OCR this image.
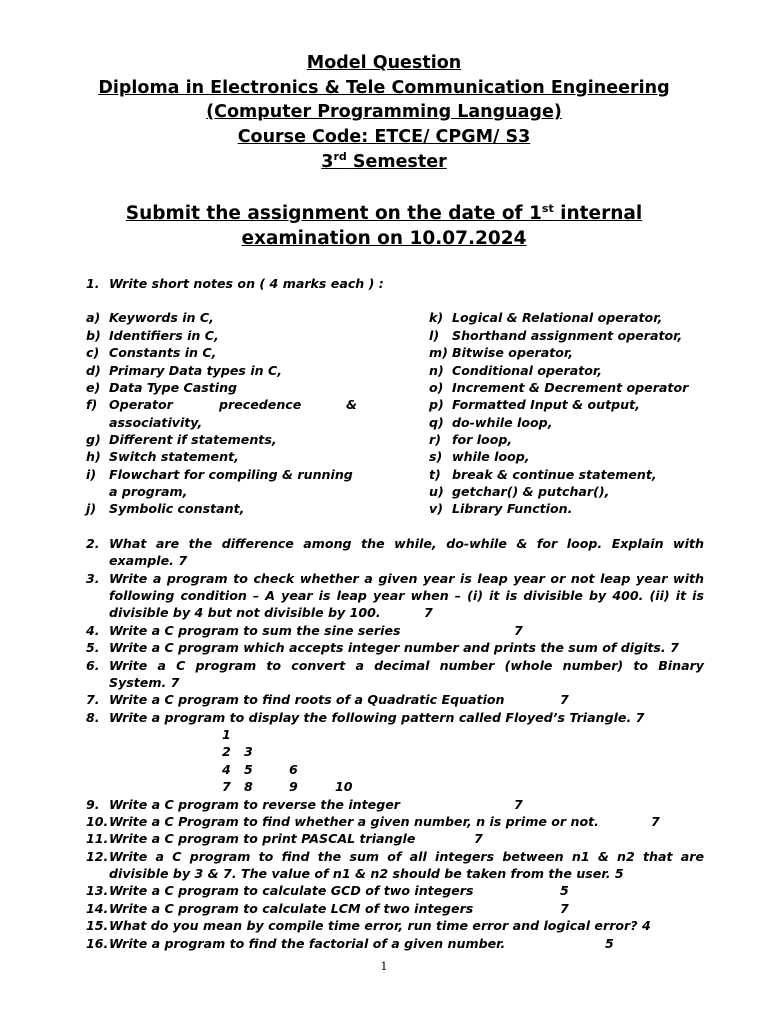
Model Question
Diploma in Electronics & Tele Communication Engineering
(Computer Programming Language)
Course Code: ETCE/ CPGM/ S3
3rd Semester
Submit the assignment on the date of 1st internal
examination on 10.07.2024
1. Write short notes on ( 4 marks each ) :
a) Keywords in C,
b) Identifiers in C,
c) Constants in C,
d) Primary Data types in C,
e) Data Type Casting
f) Operator	precedence	&
associativity,
g) Different if statements,
h) Switch statement,
i) Flowchart for compiling & running
a program,
j) Symbolic constant,
k) Logical & Relational operator,
l) Shorthand assignment operator,
m) Bitwise operator,
n) Conditional operator,
o) Increment & Decrement operator
p) Formatted Input & output,
q) do-while loop,
r) for loop,
s) while loop,
t) break & continue statement,
u) getchar() & putchar(),
v) Library Function.
2. What are the difference among the while, do-while & for loop. Explain with
example. 7
3. Write a program to check whether a given year is leap year or not leap year with
following condition – A year is leap year when – (i) it is divisible by 400. (ii) it is
divisible by 4 but not divisible by 100.	7
4. Write a C program to sum the sine series	7
5. Write a C program which accepts integer number and prints the sum of digits. 7
6. Write a C program to convert a decimal number (whole number) to Binary
System. 7
7. Write a C program to find roots of a Quadratic Equation	7
8. Write a program to display the following pattern called Floyed’s Triangle. 7
1
2 3
4 5	6
7 8	9	10
9. Write a C program to reverse the integer	7
10. Write a C Program to find whether a given number, n is prime or not.	7
11. Write a C program to print PASCAL triangle	7
12. Write a C program to find the sum of all integers between n1 & n2 that are
divisible by 3 & 7. The value of n1 & n2 should be taken from the user. 5
13. Write a C program to calculate GCD of two integers	5
14. Write a C program to calculate LCM of two integers	7
15. What do you mean by compile time error, run time error and logical error? 4
16. Write a program to find the factorial of a given number.	5
1
